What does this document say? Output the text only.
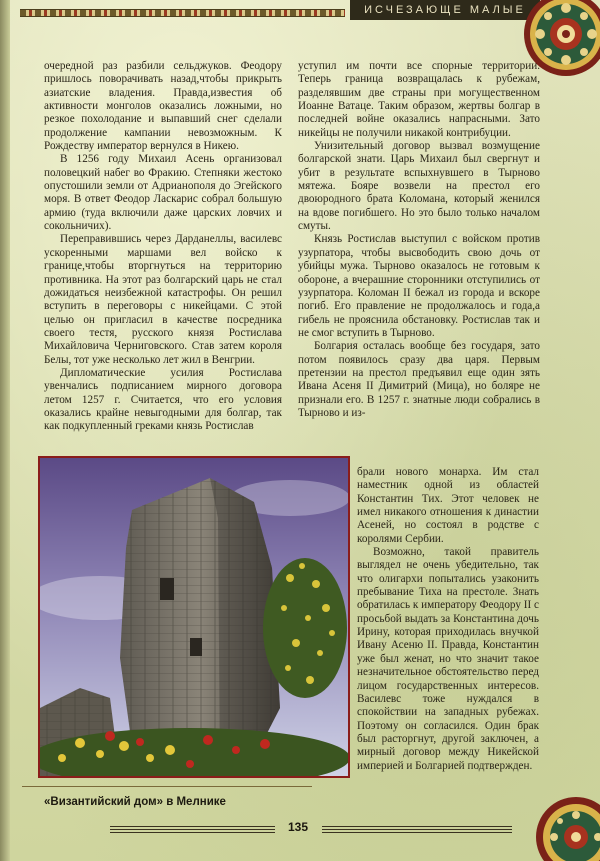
ИСЧЕЗАЮЩЕ МАЛЫЕ

очередной раз разбили сельджуков. Феодору пришлось поворачивать назад,чтобы прикрыть азиатские владения. Правда,известия об активности монголов оказались ложными, но резкое похолодание и выпавший снег сделали продолжение кампании невозможным. К Рождеству император вернулся в Никею.

В 1256 году Михаил Асень организовал половецкий набег во Фракию. Степняки жестоко опустошили земли от Адрианополя до Эгейского моря. В ответ Феодор Ласкарис собрал большую армию (туда включили даже царских ловчих и сокольничих).

Переправившись через Дарданеллы, василевс ускоренными маршами вел войско к границе,чтобы вторгнуться на территорию противника. На этот раз болгарский царь не стал дожидаться неизбежной катастрофы. Он решил вступить в переговоры с никейцами. С этой целью он пригласил в качестве посредника своего тестя, русского князя Ростислава Михайловича Черниговского. Став затем короля Белы, тот уже несколько лет жил в Венгрии.

Дипломатические усилия Ростислава увенчались подписанием мирного договора летом 1257 г. Считается, что его условия оказались крайне невыгодными для болгар, так как подкупленный греками князь Ростислав

уступил им почти все спорные территории. Теперь граница возвращалась к рубежам, разделявшим две страны при могущественном Иоанне Ватаце. Таким образом, жертвы болгар в последней войне оказались напрасными. Зато никейцы не получили никакой контрибуции.

Унизительный договор вызвал возмущение болгарской знати. Царь Михаил был свергнут и убит в результате вспыхнувшего в Тырново мятежа. Бояре возвели на престол его двоюродного брата Коломана, который женился на вдове погибшего. Но это было только началом смуты.

Князь Ростислав выступил с войском против узурпатора, чтобы высвободить свою дочь от убийцы мужа. Тырново оказалось не готовым к обороне, а вчерашние сторонники отступились от узурпатора. Коломан II бежал из города и вскоре погиб. Его правление не продолжалось и года,а гибель не прояснила обстановку. Ростислав так и не смог вступить в Тырново.

Болгария осталась вообще без государя, зато потом появилось сразу два царя. Первым претензии на престол предъявил еще один зять Ивана Асеня II Димитрий (Мица), но боляре не признали его. В 1257 г. знатные люди собрались в Тырново и из-

брали нового монарха. Им стал наместник одной из областей Константин Тих. Этот человек не имел никакого отношения к династии Асеней, но состоял в родстве с королями Сербии.

Возможно, такой правитель выглядел не очень убедительно, так что олигархи попытались узаконить пребывание Тиха на престоле. Знать обратилась к императору Феодору II с просьбой выдать за Константина дочь Ирину, которая приходилась внучкой Ивану Асеню II. Правда, Константин уже был женат, но что значит такое незначительное обстоятельство перед лицом государственных интересов. Василевс тоже нуждался в спокойствии на западных рубежах. Поэтому он согласился. Один брак был расторгнут, другой заключен, а мирный договор между Никейской империей и Болгарией подтвержден.

«Византийский дом» в Мелнике
135
